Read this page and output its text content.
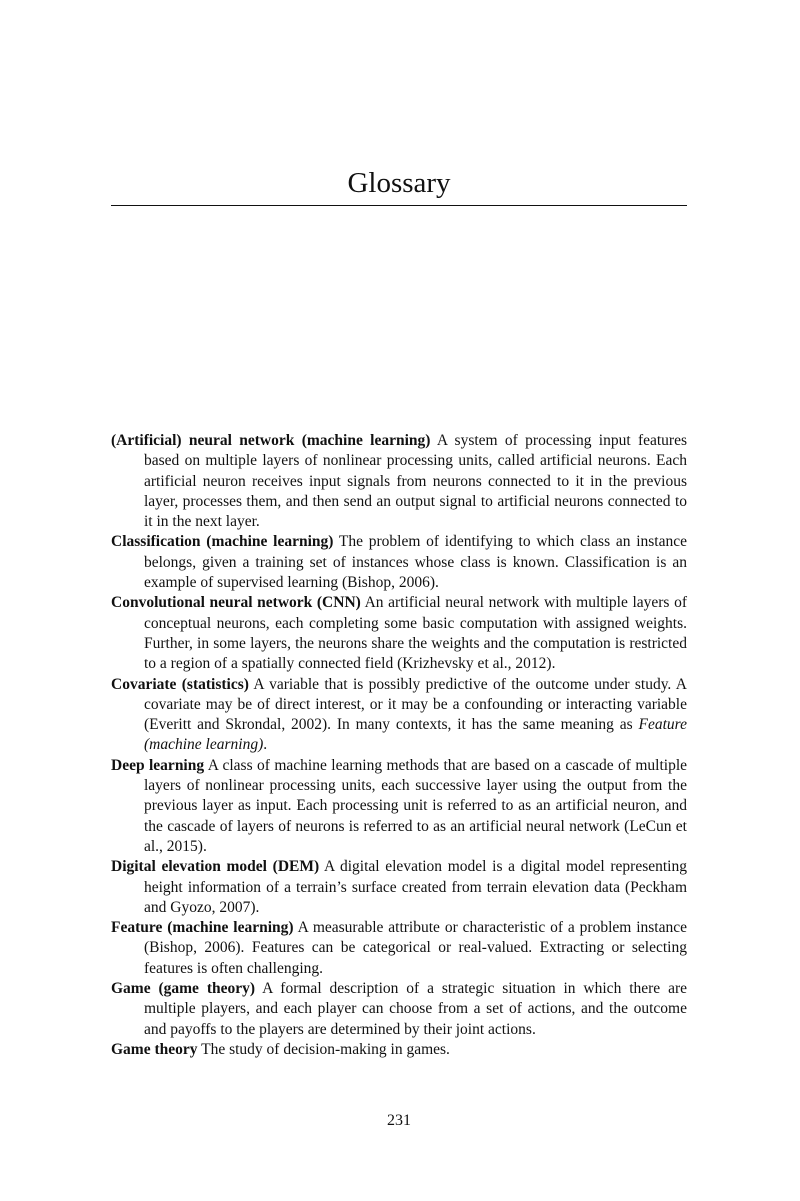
Glossary
(Artificial) neural network (machine learning) A system of processing input features based on multiple layers of nonlinear processing units, called artificial neurons. Each artificial neuron receives input signals from neurons connected to it in the previous layer, processes them, and then send an output signal to artificial neurons connected to it in the next layer.
Classification (machine learning) The problem of identifying to which class an instance belongs, given a training set of instances whose class is known. Classification is an example of supervised learning (Bishop, 2006).
Convolutional neural network (CNN) An artificial neural network with multiple layers of conceptual neurons, each completing some basic computation with assigned weights. Further, in some layers, the neurons share the weights and the computation is restricted to a region of a spatially connected field (Krizhevsky et al., 2012).
Covariate (statistics) A variable that is possibly predictive of the outcome under study. A covariate may be of direct interest, or it may be a confounding or interacting variable (Everitt and Skrondal, 2002). In many contexts, it has the same meaning as Feature (machine learning).
Deep learning A class of machine learning methods that are based on a cascade of multiple layers of nonlinear processing units, each successive layer using the output from the previous layer as input. Each processing unit is referred to as an artificial neuron, and the cascade of layers of neurons is referred to as an artificial neural network (LeCun et al., 2015).
Digital elevation model (DEM) A digital elevation model is a digital model representing height information of a terrain’s surface created from terrain elevation data (Peckham and Gyozo, 2007).
Feature (machine learning) A measurable attribute or characteristic of a problem instance (Bishop, 2006). Features can be categorical or real-valued. Extracting or selecting features is often challenging.
Game (game theory) A formal description of a strategic situation in which there are multiple players, and each player can choose from a set of actions, and the outcome and payoffs to the players are determined by their joint actions.
Game theory The study of decision-making in games.
231
